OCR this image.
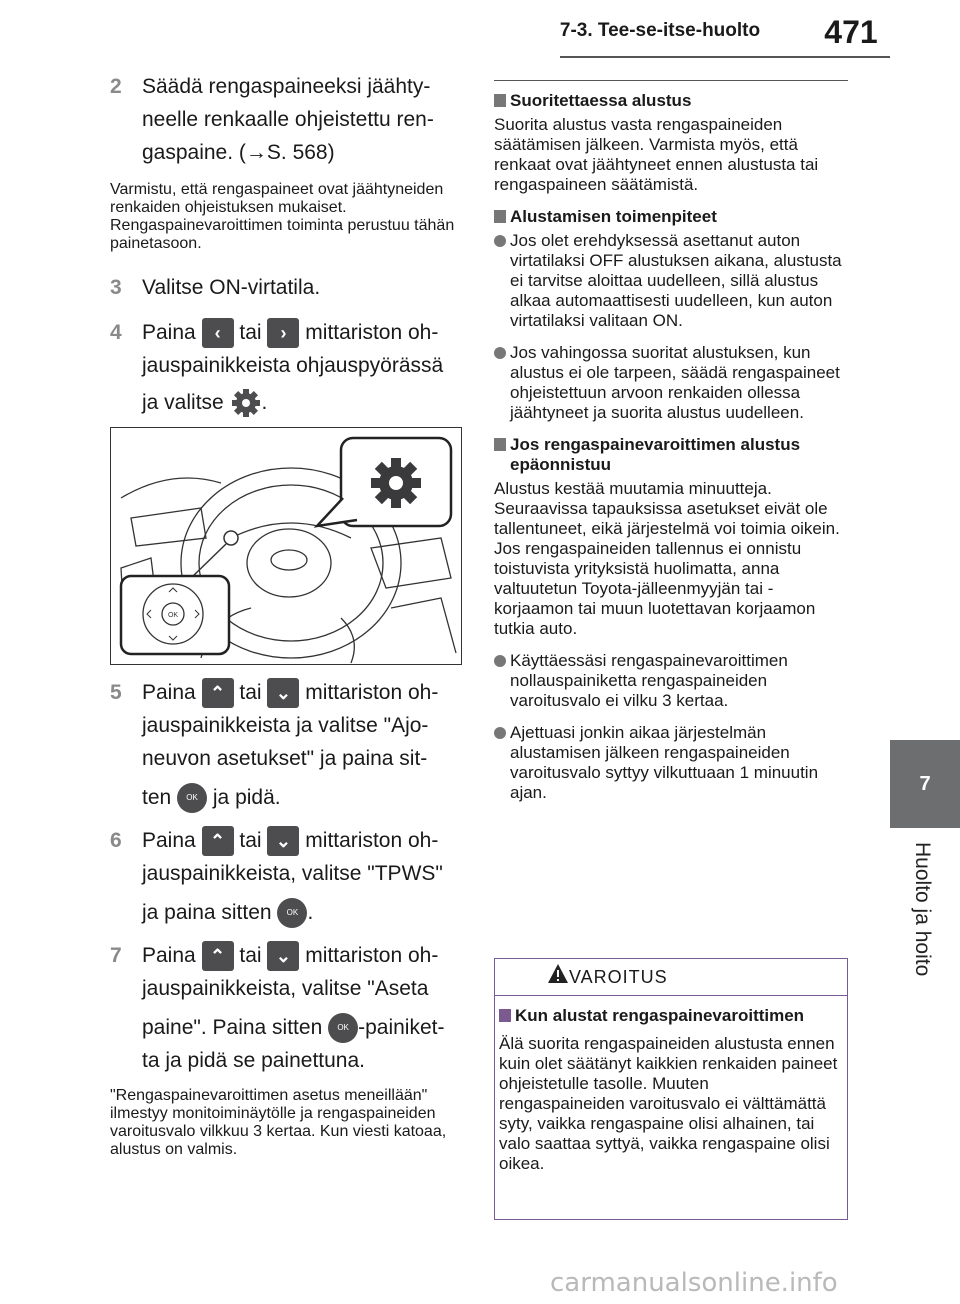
7-3. Tee-se-itse-huolto	471
7
Huolto ja hoito
2 Säädä rengaspaineeksi jäähty-
neelle renkaalle ohjeistettu ren-
gaspaine. (→S. 568)

Varmistu, että rengaspaineet ovat jäähtyneiden renkaiden ohjeistuksen mukaiset. Rengaspainevaroittimen toiminta perustuu tähän painetasoon.

3 Valitse ON-virtatila.
4 Paina ‹ tai › mittariston oh-
jauspainikkeista ohjauspyörässä
ja valitse .
OK
5 Paina ⌃ tai ⌄ mittariston oh-
jauspainikkeista ja valitse "Ajo-
neuvon asetukset" ja paina sit-
ten OK ja pidä.
6 Paina ⌃ tai ⌄ mittariston oh-
jauspainikkeista, valitse "TPWS"
ja paina sitten OK .
7 Paina ⌃ tai ⌄ mittariston oh-
jauspainikkeista, valitse "Aseta
paine". Paina sitten OK -painiket-
ta ja pidä se painettuna.

"Rengaspainevaroittimen asetus meneillään" ilmestyy monitoiminäytölle ja rengaspaineiden varoitusvalo vilkkuu 3 kertaa. Kun viesti katoaa, alustus on valmis.

Suoritettaessa alustus

Suorita alustus vasta rengaspaineiden säätämisen jälkeen. Varmista myös, että renkaat ovat jäähtyneet ennen alustusta tai rengaspaineen säätämistä.

Alustamisen toimenpiteet
Jos olet erehdyksessä asettanut auton virtatilaksi OFF alustuksen aikana, alustusta ei tarvitse aloittaa uudelleen, sillä alustus alkaa automaattisesti uudelleen, kun auton virtatilaksi valitaan ON.
Jos vahingossa suoritat alustuksen, kun alustus ei ole tarpeen, säädä rengaspaineet ohjeistettuun arvoon renkaiden ollessa jäähtyneet ja suorita alustus uudelleen.
Jos rengaspainevaroittimen alustus epäonnistuu

Alustus kestää muutamia minuutteja. Seuraavissa tapauksissa asetukset eivät ole tallentuneet, eikä järjestelmä voi toimia oikein. Jos rengaspaineiden tallennus ei onnistu toistuvista yrityksistä huolimatta, anna valtuutetun Toyota-jälleenmyyjän tai -korjaamon tai muun luotettavan korjaamon tutkia auto.

Käyttäessäsi rengaspainevaroittimen nollauspainiketta rengaspaineiden varoitusvalo ei vilku 3 kertaa.
Ajettuasi jonkin aikaa järjestelmän alustamisen jälkeen rengaspaineiden varoitusvalo syttyy vilkuttuaan 1 minuutin ajan.
VAROITUS
Kun alustat rengaspainevaroittimen

Älä suorita rengaspaineiden alustusta ennen kuin olet säätänyt kaikkien renkaiden paineet ohjeistetulle tasolle. Muuten rengaspaineiden varoitusvalo ei välttämättä syty, vaikka rengaspaine olisi alhainen, tai valo saattaa syttyä, vaikka rengaspaine olisi oikea.

carmanualsonline.info
